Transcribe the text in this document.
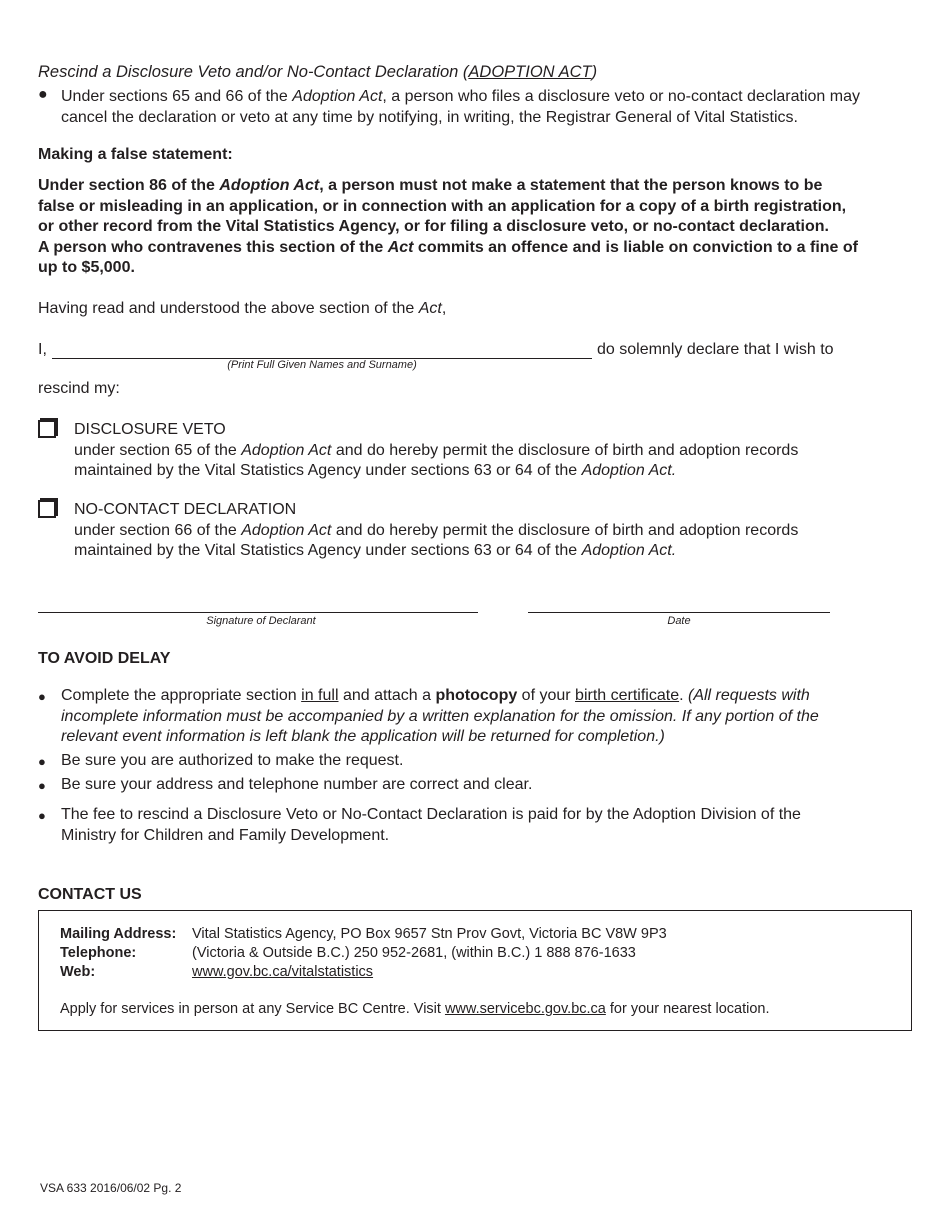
Rescind a Disclosure Veto and/or No-Contact Declaration (ADOPTION ACT)
● Under sections 65 and 66 of the Adoption Act, a person who files a disclosure veto or no-contact declaration may
cancel the declaration or veto at any time by notifying, in writing, the Registrar General of Vital Statistics.
Making a false statement:
Under section 86 of the Adoption Act, a person must not make a statement that the person knows to be
false or misleading in an application, or in connection with an application for a copy of a birth registration,
or other record from the Vital Statistics Agency, or for filing a disclosure veto, or no-contact declaration.
A person who contravenes this section of the Act commits an offence and is liable on conviction to a fine of
up to $5,000.
Having read and understood the above section of the Act,
I,
(Print Full Given Names and Surname)
do solemnly declare that I wish to
rescind my:
DISCLOSURE VETO
under section 65 of the Adoption Act and do hereby permit the disclosure of birth and adoption records
maintained by the Vital Statistics Agency under sections 63 or 64 of the Adoption Act.
NO-CONTACT DECLARATION
under section 66 of the Adoption Act and do hereby permit the disclosure of birth and adoption records
maintained by the Vital Statistics Agency under sections 63 or 64 of the Adoption Act.
Signature of Declarant	Date
TO AVOID DELAY
● Complete the appropriate section in full and attach a photocopy of your birth certificate. (All requests with
incomplete information must be accompanied by a written explanation for the omission. If any portion of the
relevant event information is left blank the application will be returned for completion.)
● Be sure you are authorized to make the request.
● Be sure your address and telephone number are correct and clear.
● The fee to rescind a Disclosure Veto or No-Contact Declaration is paid for by the Adoption Division of the
Ministry for Children and Family Development.
CONTACT US
Mailing Address: Vital Statistics Agency, PO Box 9657 Stn Prov Govt, Victoria BC V8W 9P3
Telephone:	(Victoria & Outside B.C.) 250 952-2681, (within B.C.) 1 888 876-1633
Web:	www.gov.bc.ca/vitalstatistics
Apply for services in person at any Service BC Centre. Visit www.servicebc.gov.bc.ca for your nearest location.
VSA 633 2016/06/02 Pg. 2
